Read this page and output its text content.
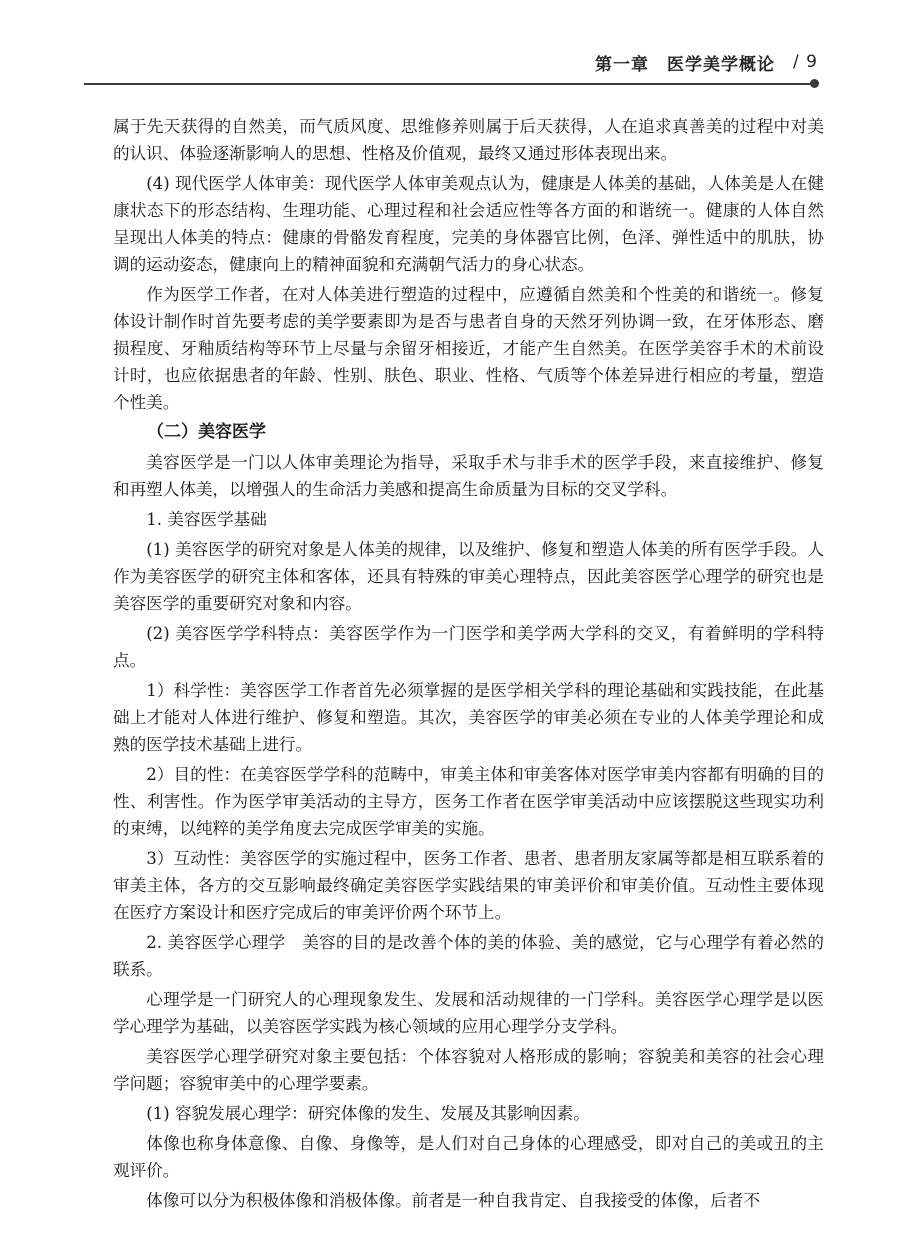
第一章 医学美学概论 / 9

属于先天获得的自然美，而气质风度、思维修养则属于后天获得，人在追求真善美的过程中对美的认识、体验逐渐影响人的思想、性格及价值观，最终又通过形体表现出来。

(4) 现代医学人体审美：现代医学人体审美观点认为，健康是人体美的基础，人体美是人在健康状态下的形态结构、生理功能、心理过程和社会适应性等各方面的和谐统一。健康的人体自然呈现出人体美的特点：健康的骨骼发育程度，完美的身体器官比例，色泽、弹性适中的肌肤，协调的运动姿态，健康向上的精神面貌和充满朝气活力的身心状态。

作为医学工作者，在对人体美进行塑造的过程中，应遵循自然美和个性美的和谐统一。修复体设计制作时首先要考虑的美学要素即为是否与患者自身的天然牙列协调一致，在牙体形态、磨损程度、牙釉质结构等环节上尽量与余留牙相接近，才能产生自然美。在医学美容手术的术前设计时，也应依据患者的年龄、性别、肤色、职业、性格、气质等个体差异进行相应的考量，塑造个性美。

（二）美容医学

美容医学是一门以人体审美理论为指导，采取手术与非手术的医学手段，来直接维护、修复和再塑人体美，以增强人的生命活力美感和提高生命质量为目标的交叉学科。

1. 美容医学基础

(1) 美容医学的研究对象是人体美的规律，以及维护、修复和塑造人体美的所有医学手段。人作为美容医学的研究主体和客体，还具有特殊的审美心理特点，因此美容医学心理学的研究也是美容医学的重要研究对象和内容。

(2) 美容医学学科特点：美容医学作为一门医学和美学两大学科的交叉，有着鲜明的学科特点。

1）科学性：美容医学工作者首先必须掌握的是医学相关学科的理论基础和实践技能，在此基础上才能对人体进行维护、修复和塑造。其次，美容医学的审美必须在专业的人体美学理论和成熟的医学技术基础上进行。

2）目的性：在美容医学学科的范畴中，审美主体和审美客体对医学审美内容都有明确的目的性、利害性。作为医学审美活动的主导方，医务工作者在医学审美活动中应该摆脱这些现实功利的束缚，以纯粹的美学角度去完成医学审美的实施。

3）互动性：美容医学的实施过程中，医务工作者、患者、患者朋友家属等都是相互联系着的审美主体，各方的交互影响最终确定美容医学实践结果的审美评价和审美价值。互动性主要体现在医疗方案设计和医疗完成后的审美评价两个环节上。

2. 美容医学心理学　美容的目的是改善个体的美的体验、美的感觉，它与心理学有着必然的联系。

心理学是一门研究人的心理现象发生、发展和活动规律的一门学科。美容医学心理学是以医学心理学为基础，以美容医学实践为核心领域的应用心理学分支学科。

美容医学心理学研究对象主要包括：个体容貌对人格形成的影响；容貌美和美容的社会心理学问题；容貌审美中的心理学要素。

(1) 容貌发展心理学：研究体像的发生、发展及其影响因素。

体像也称身体意像、自像、身像等，是人们对自己身体的心理感受，即对自己的美或丑的主观评价。

体像可以分为积极体像和消极体像。前者是一种自我肯定、自我接受的体像，后者不
